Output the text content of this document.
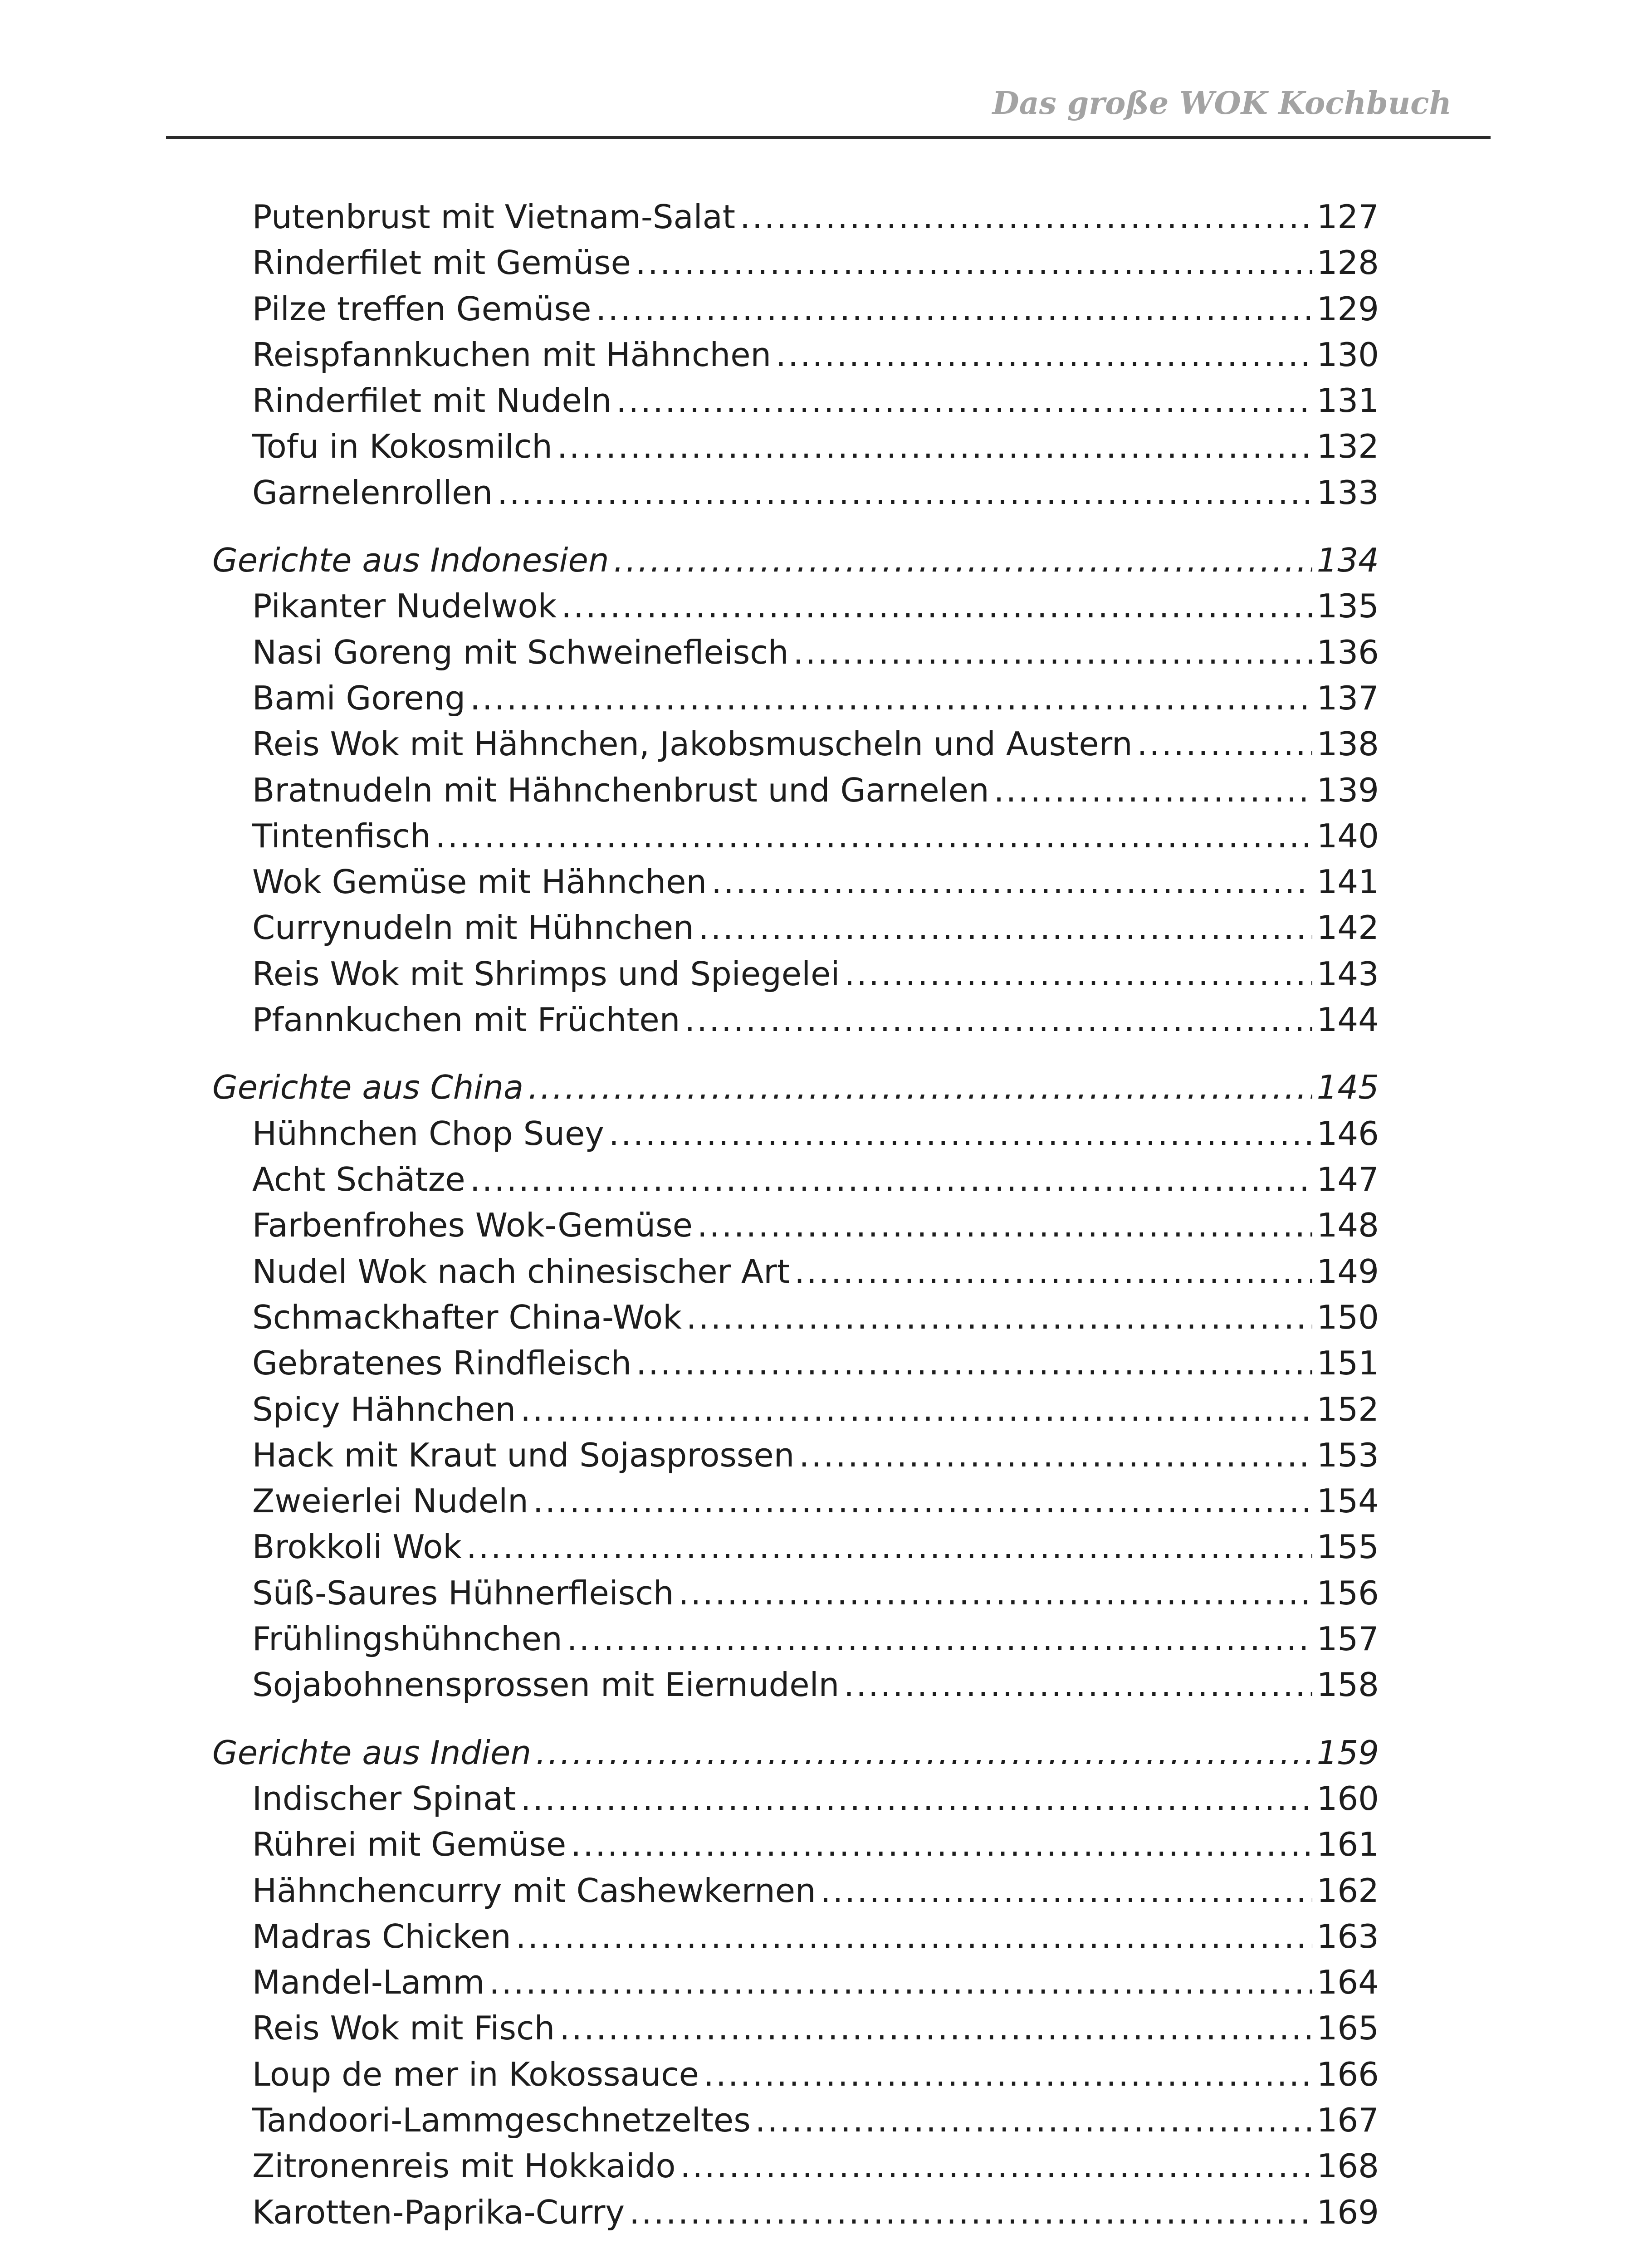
Das große WOK Kochbuch
Putenbrust mit Vietnam-Salat .....	127
Rinderfilet mit Gemüse .....	128
Pilze treffen Gemüse .....	129
Reispfannkuchen mit Hähnchen .....	130
Rinderfilet mit Nudeln .....	131
Tofu in Kokosmilch .....	132
Garnelenrollen .....	133
Gerichte aus Indonesien .....	134
Pikanter Nudelwok .....	135
Nasi Goreng mit Schweinefleisch .....	136
Bami Goreng .....	137
Reis Wok mit Hähnchen, Jakobsmuscheln und Austern .....	138
Bratnudeln mit Hähnchenbrust und Garnelen .....	139
Tintenfisch .....	140
Wok Gemüse mit Hähnchen .....	141
Currynudeln mit Hühnchen .....	142
Reis Wok mit Shrimps und Spiegelei .....	143
Pfannkuchen mit Früchten .....	144
Gerichte aus China .....	145
Hühnchen Chop Suey .....	146
Acht Schätze .....	147
Farbenfrohes Wok-Gemüse .....	148
Nudel Wok nach chinesischer Art .....	149
Schmackhafter China-Wok .....	150
Gebratenes Rindfleisch .....	151
Spicy Hähnchen .....	152
Hack mit Kraut und Sojasprossen .....	153
Zweierlei Nudeln .....	154
Brokkoli Wok .....	155
Süß-Saures Hühnerfleisch .....	156
Frühlingshühnchen .....	157
Sojabohnensprossen mit Eiernudeln .....	158
Gerichte aus Indien .....	159
Indischer Spinat .....	160
Rührei mit Gemüse .....	161
Hähnchencurry mit Cashewkernen .....	162
Madras Chicken .....	163
Mandel-Lamm .....	164
Reis Wok mit Fisch .....	165
Loup de mer in Kokossauce .....	166
Tandoori-Lammgeschnetzeltes .....	167
Zitronenreis mit Hokkaido .....	168
Karotten-Paprika-Curry .....	169
